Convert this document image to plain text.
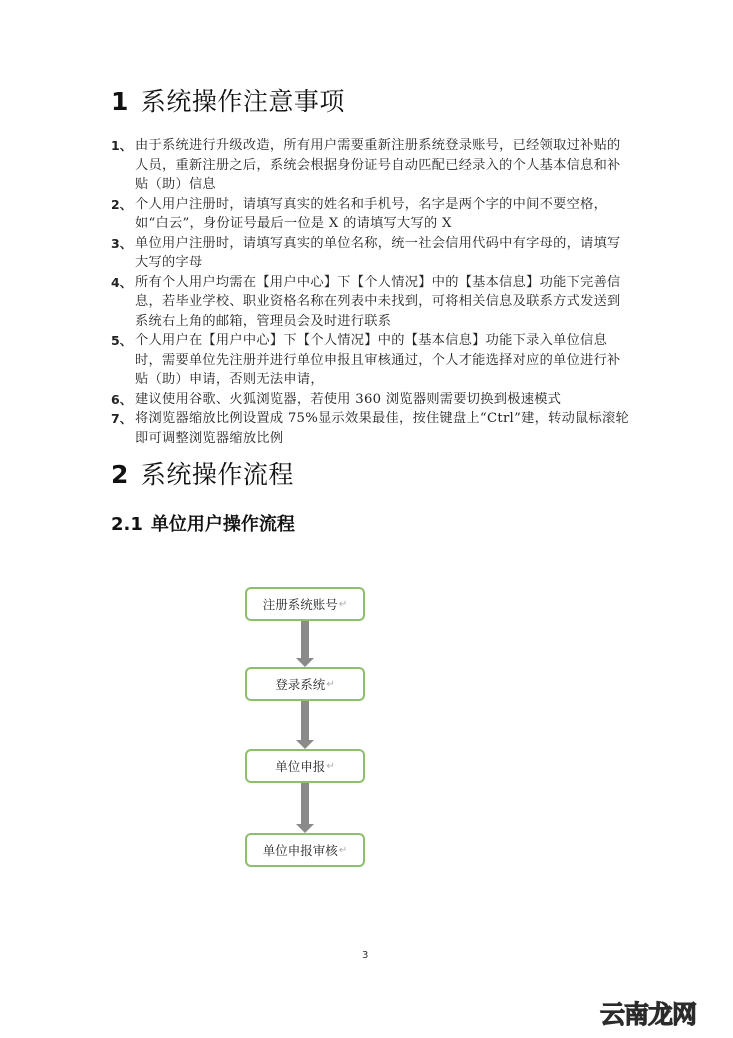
1 系统操作注意事项
1、 由于系统进行升级改造，所有用户需要重新注册系统登录账号，已经领取过补贴的人员，重新注册之后，系统会根据身份证号自动匹配已经录入的个人基本信息和补贴（助）信息
2、 个人用户注册时，请填写真实的姓名和手机号，名字是两个字的中间不要空格，如“白云”，身份证号最后一位是 X 的请填写大写的 X
3、 单位用户注册时，请填写真实的单位名称，统一社会信用代码中有字母的，请填写大写的字母
4、 所有个人用户均需在【用户中心】下【个人情况】中的【基本信息】功能下完善信息，若毕业学校、职业资格名称在列表中未找到，可将相关信息及联系方式发送到系统右上角的邮箱，管理员会及时进行联系
5、 个人用户在【用户中心】下【个人情况】中的【基本信息】功能下录入单位信息时，需要单位先注册并进行单位申报且审核通过，个人才能选择对应的单位进行补贴（助）申请，否则无法申请，
6、 建议使用谷歌、火狐浏览器，若使用 360 浏览器则需要切换到极速模式
7、 将浏览器缩放比例设置成 75%显示效果最佳，按住键盘上“Ctrl”建，转动鼠标滚轮即可调整浏览器缩放比例
2 系统操作流程
2.1 单位用户操作流程
注册系统账号 ↵
登录系统 ↵
单位申报 ↵
单位申报审核 ↵
3
云南龙网
